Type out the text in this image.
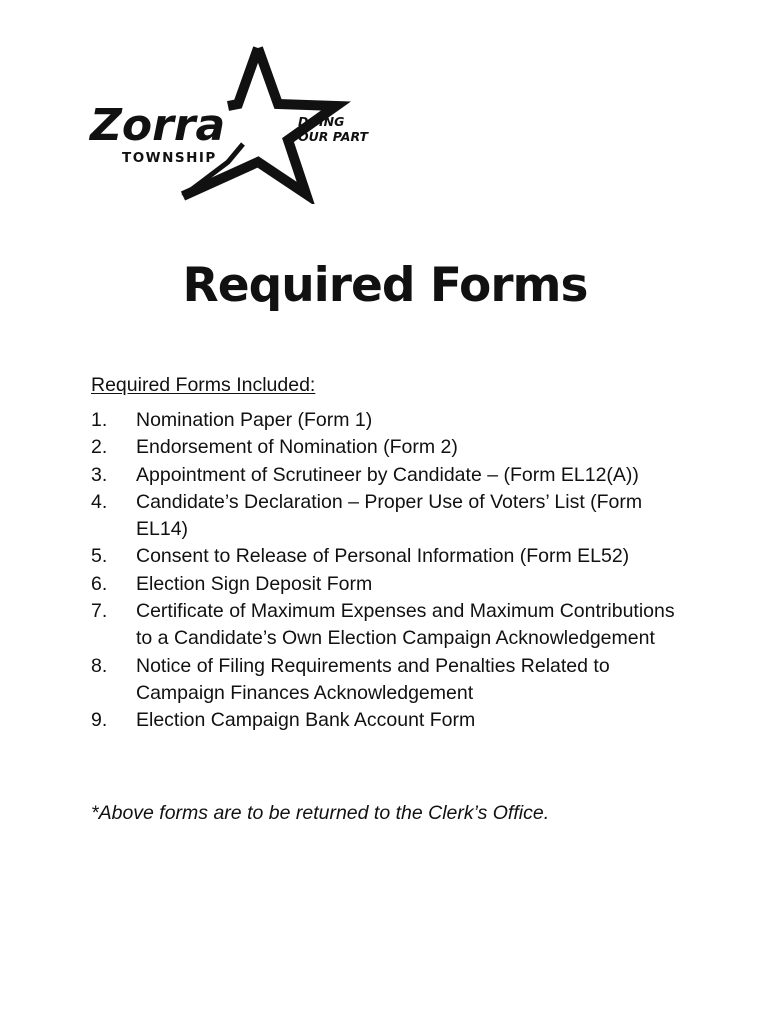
Zorra
TOWNSHIP
DOING
OUR PART
Required Forms
Required Forms Included:
1.	Nomination Paper (Form 1)
2.	Endorsement of Nomination (Form 2)
3.	Appointment of Scrutineer by Candidate – (Form EL12(A))
4.	Candidate’s Declaration – Proper Use of Voters’ List (Form EL14)
5.	Consent to Release of Personal Information (Form EL52)
6.	Election Sign Deposit Form
7.	Certificate of Maximum Expenses and Maximum Contributions to a Candidate’s Own Election Campaign Acknowledgement
8.	Notice of Filing Requirements and Penalties Related to Campaign Finances Acknowledgement
9.	Election Campaign Bank Account Form
*Above forms are to be returned to the Clerk’s Office.
